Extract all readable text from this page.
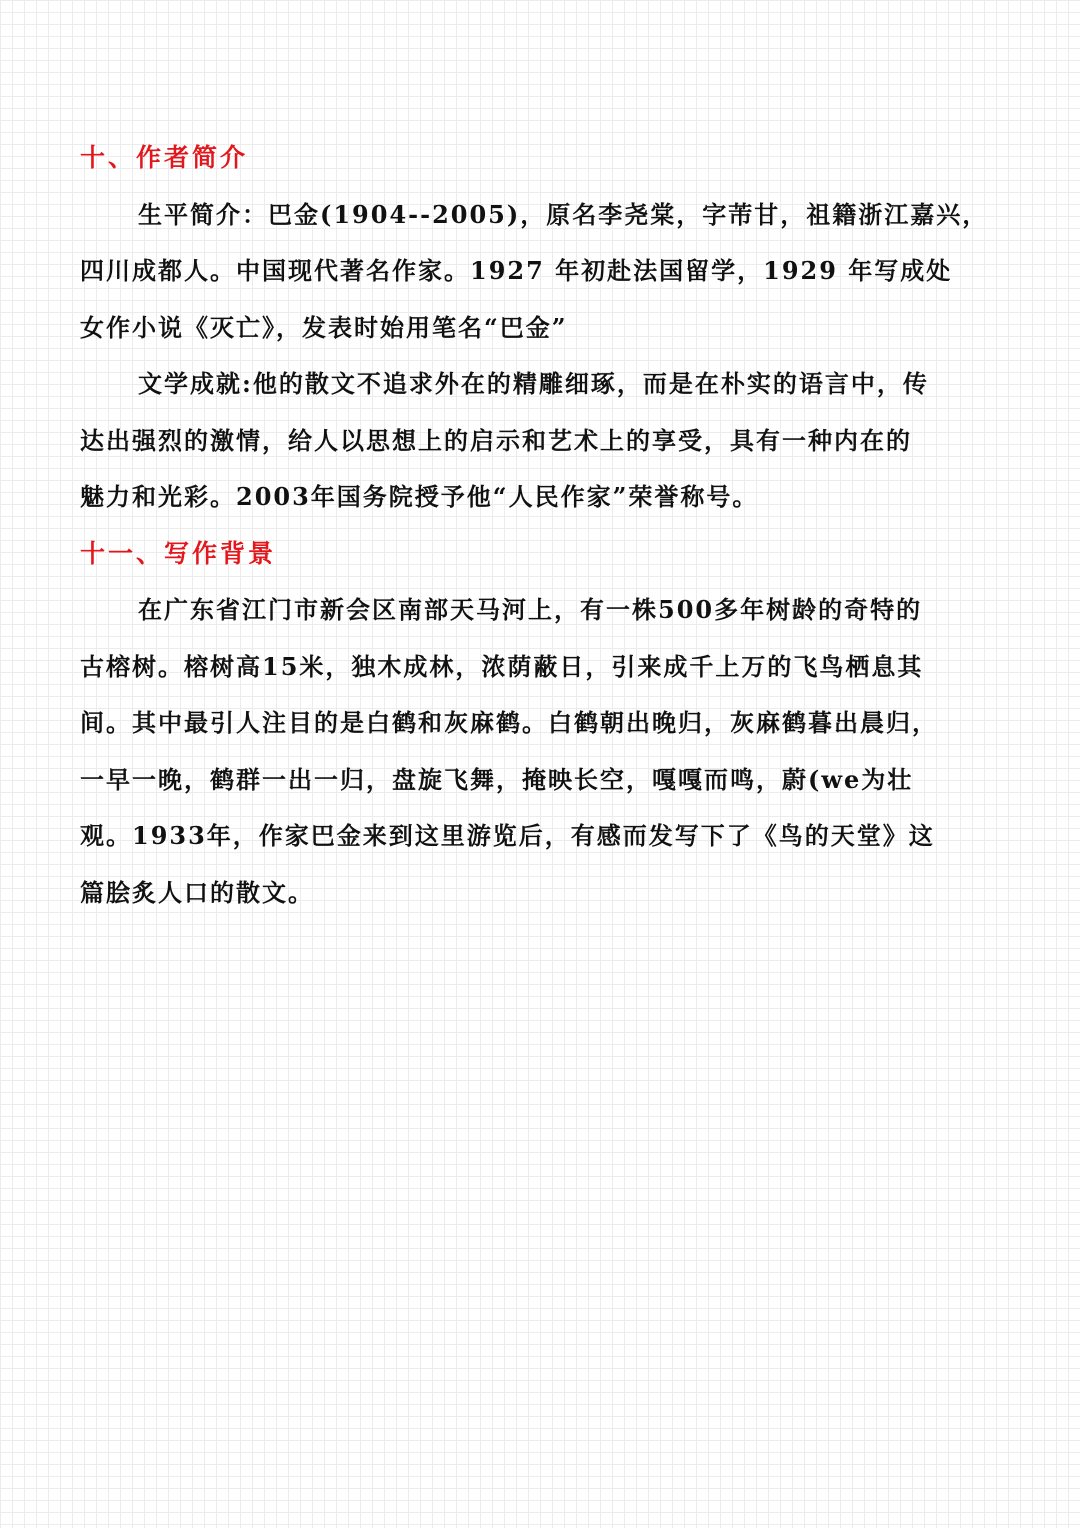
十、作者简介
生平简介：巴金(1904--2005)，原名李尧棠，字芾甘，祖籍浙江嘉兴，
四川成都人。中国现代著名作家。1927 年初赴法国留学，1929 年写成处
女作小说《灭亡》，发表时始用笔名“巴金”
文学成就:他的散文不追求外在的精雕细琢，而是在朴实的语言中，传
达出强烈的激情，给人以思想上的启示和艺术上的享受，具有一种内在的
魅力和光彩。2003年国务院授予他“人民作家”荣誉称号。
十一、写作背景
在广东省江门市新会区南部天马河上，有一株500多年树龄的奇特的
古榕树。榕树高15米，独木成林，浓荫蔽日，引来成千上万的飞鸟栖息其
间。其中最引人注目的是白鹤和灰麻鹤。白鹤朝出晚归，灰麻鹤暮出晨归，
一早一晚，鹤群一出一归，盘旋飞舞，掩映长空，嘎嘎而鸣，蔚(we为壮
观。1933年，作家巴金来到这里游览后，有感而发写下了《鸟的天堂》这
篇脍炙人口的散文。
